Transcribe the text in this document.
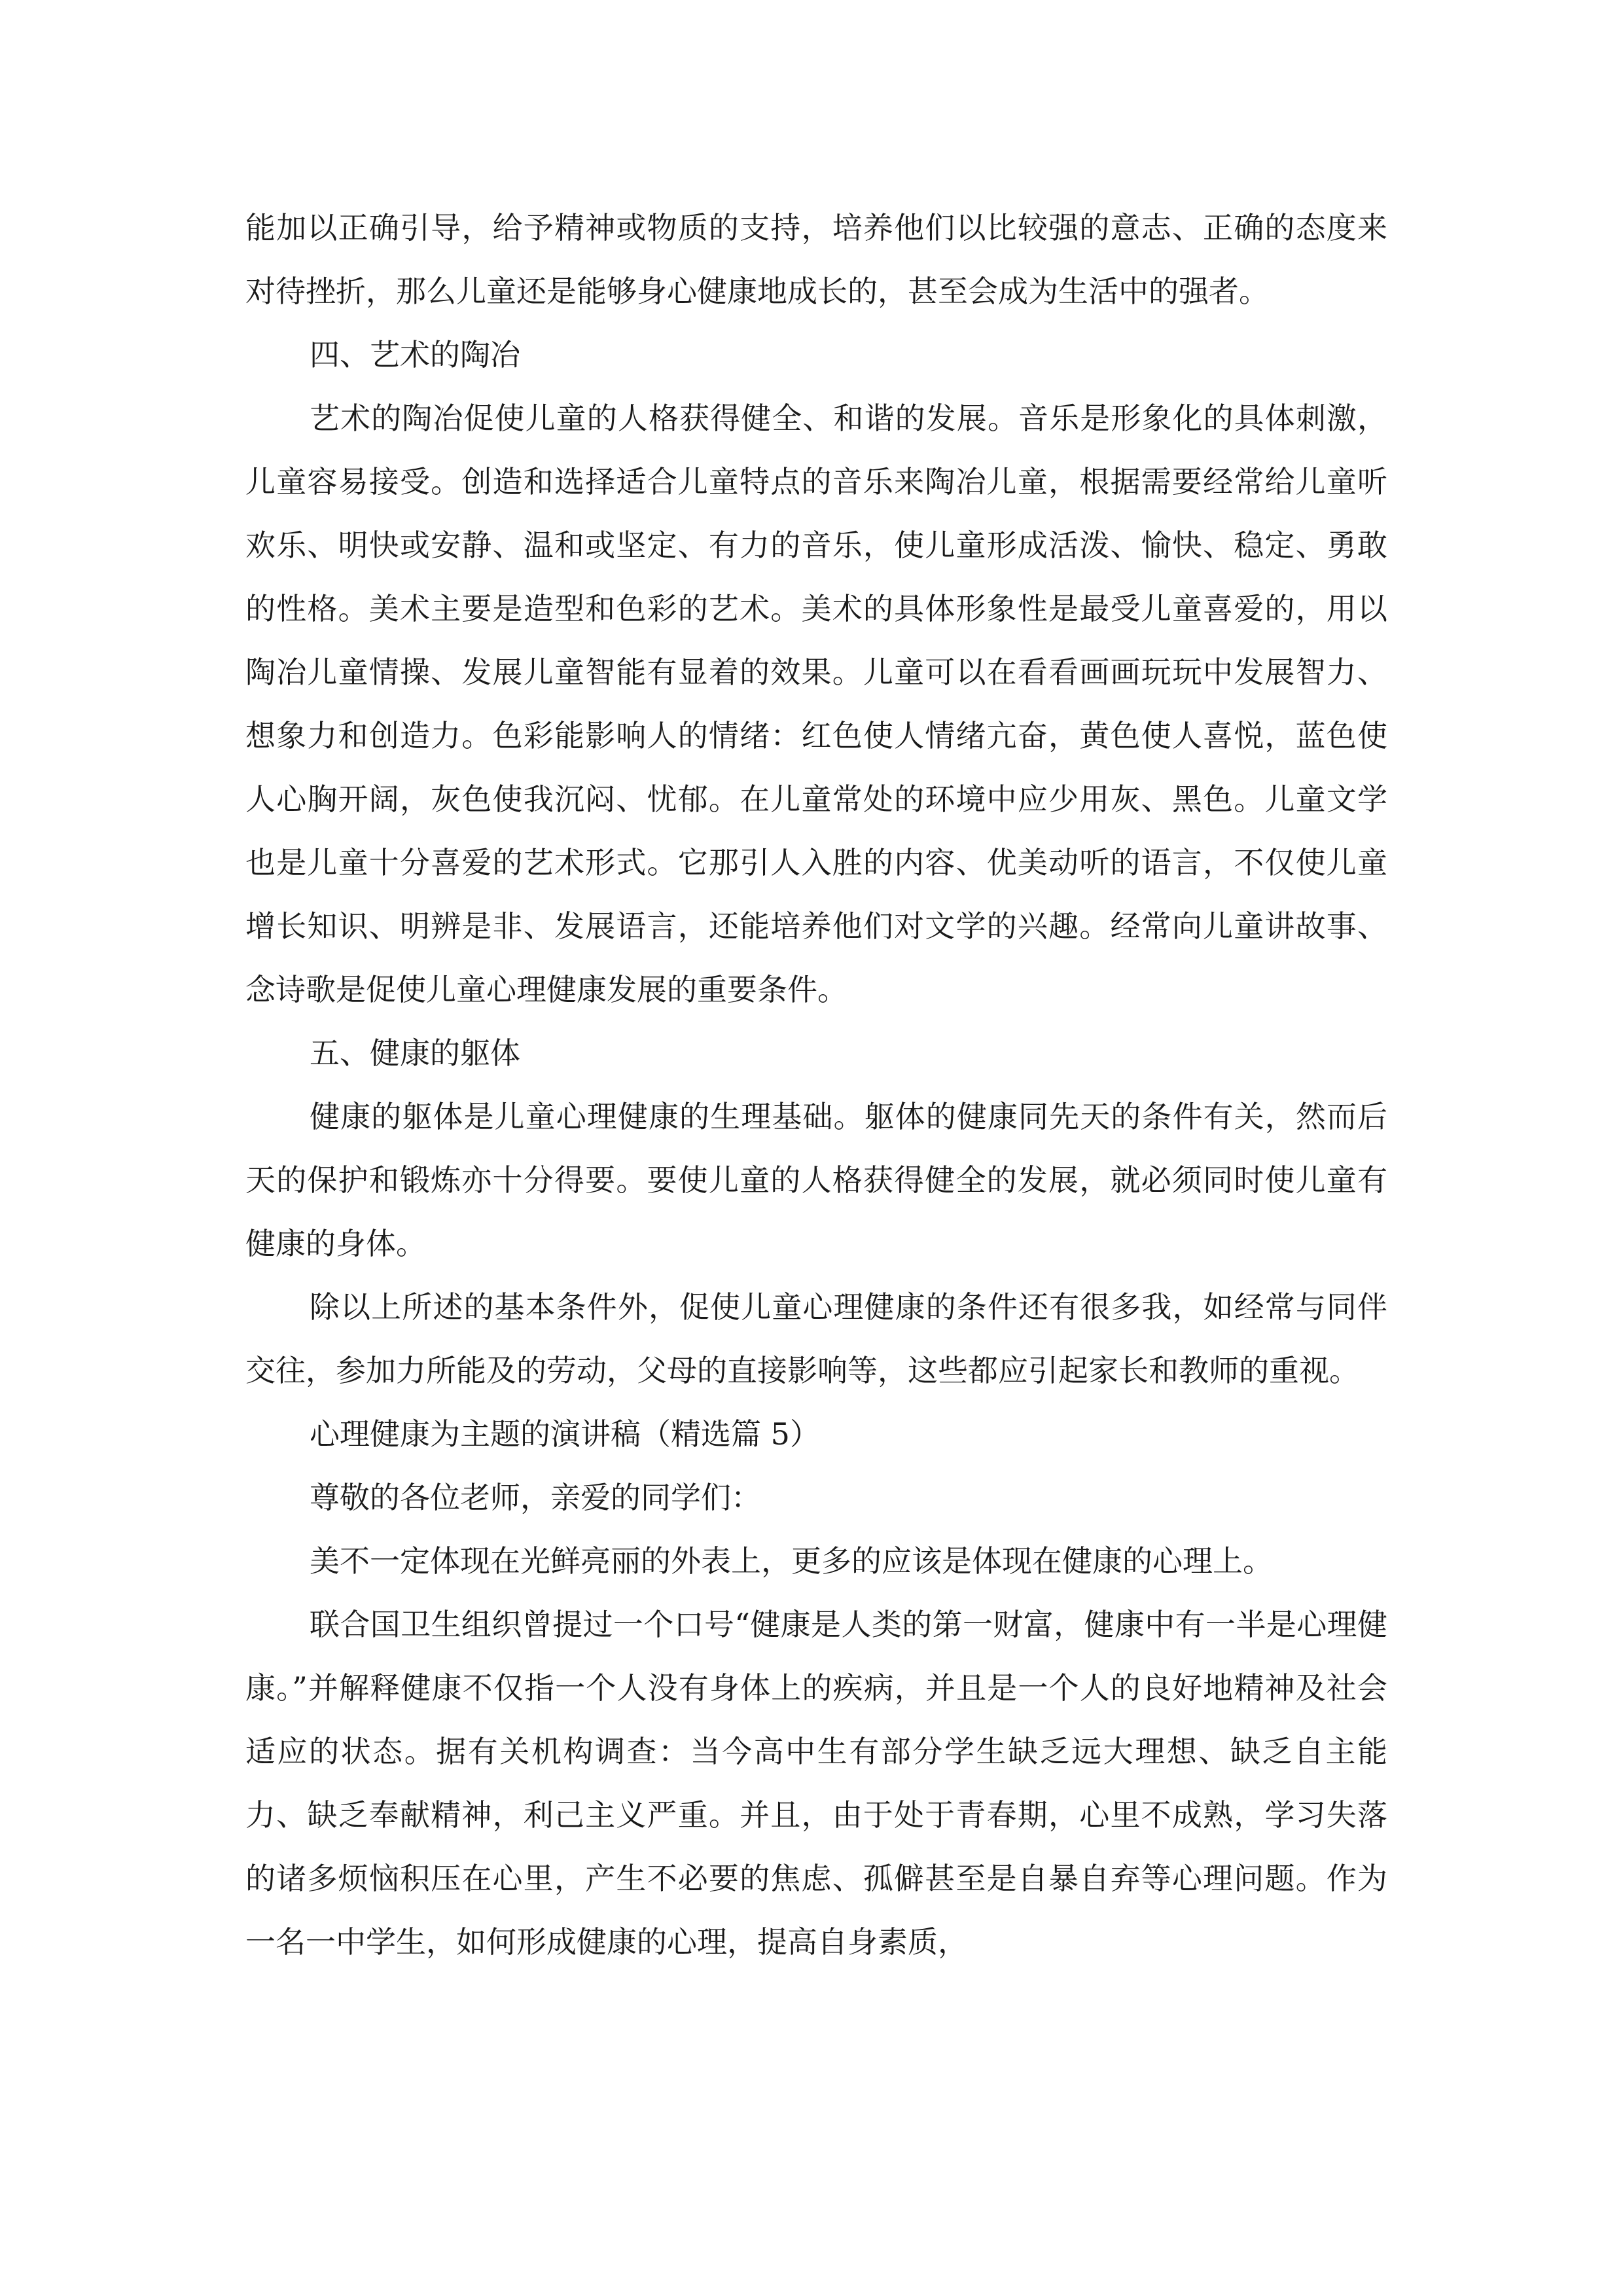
能加以正确引导，给予精神或物质的支持，培养他们以比较强的意志、正确的态度来对待挫折，那么儿童还是能够身心健康地成长的，甚至会成为生活中的强者。

四、艺术的陶冶

艺术的陶冶促使儿童的人格获得健全、和谐的发展。音乐是形象化的具体刺激，儿童容易接受。创造和选择适合儿童特点的音乐来陶冶儿童，根据需要经常给儿童听欢乐、明快或安静、温和或坚定、有力的音乐，使儿童形成活泼、愉快、稳定、勇敢的性格。美术主要是造型和色彩的艺术。美术的具体形象性是最受儿童喜爱的，用以陶冶儿童情操、发展儿童智能有显着的效果。儿童可以在看看画画玩玩中发展智力、想象力和创造力。色彩能影响人的情绪：红色使人情绪亢奋，黄色使人喜悦，蓝色使人心胸开阔，灰色使我沉闷、忧郁。在儿童常处的环境中应少用灰、黑色。儿童文学也是儿童十分喜爱的艺术形式。它那引人入胜的内容、优美动听的语言，不仅使儿童增长知识、明辨是非、发展语言，还能培养他们对文学的兴趣。经常向儿童讲故事、念诗歌是促使儿童心理健康发展的重要条件。

五、健康的躯体

健康的躯体是儿童心理健康的生理基础。躯体的健康同先天的条件有关，然而后天的保护和锻炼亦十分得要。要使儿童的人格获得健全的发展，就必须同时使儿童有健康的身体。

除以上所述的基本条件外，促使儿童心理健康的条件还有很多我，如经常与同伴交往，参加力所能及的劳动，父母的直接影响等，这些都应引起家长和教师的重视。

心理健康为主题的演讲稿（精选篇 5）

尊敬的各位老师，亲爱的同学们：

美不一定体现在光鲜亮丽的外表上，更多的应该是体现在健康的心理上。

联合国卫生组织曾提过一个口号“健康是人类的第一财富，健康中有一半是心理健康。”并解释健康不仅指一个人没有身体上的疾病，并且是一个人的良好地精神及社会适应的状态。据有关机构调查：当今高中生有部分学生缺乏远大理想、缺乏自主能力、缺乏奉献精神，利己主义严重。并且，由于处于青春期，心里不成熟，学习失落的诸多烦恼积压在心里，产生不必要的焦虑、孤僻甚至是自暴自弃等心理问题。作为一名一中学生，如何形成健康的心理，提高自身素质，
